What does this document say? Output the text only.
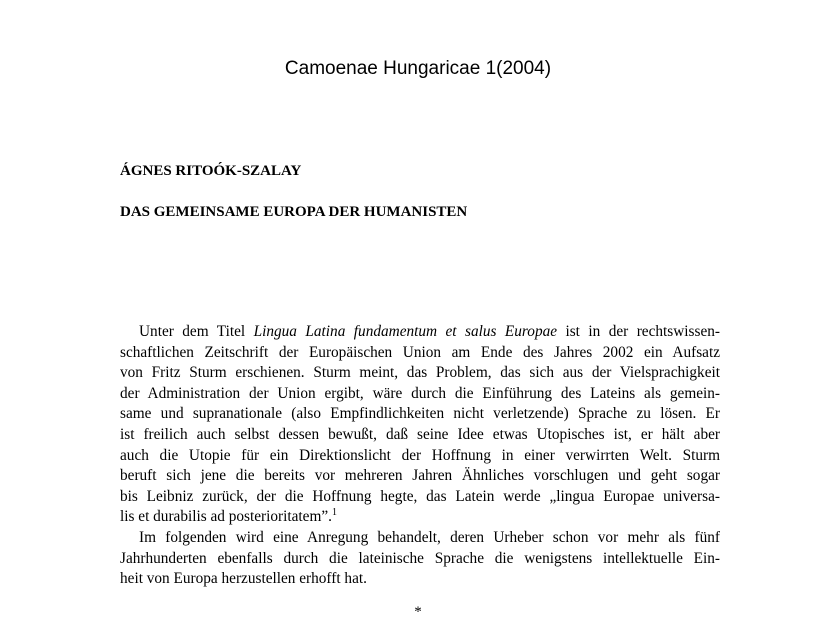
Camoenae Hungaricae 1(2004)
ÁGNES RITOÓK-SZALAY
DAS GEMEINSAME EUROPA DER HUMANISTEN
Unter dem Titel Lingua Latina fundamentum et salus Europae ist in der rechtswissen-
schaftlichen Zeitschrift der Europäischen Union am Ende des Jahres 2002 ein Aufsatz
von Fritz Sturm erschienen. Sturm meint, das Problem, das sich aus der Vielsprachigkeit
der Administration der Union ergibt, wäre durch die Einführung des Lateins als gemein-
same und supranationale (also Empfindlichkeiten nicht verletzende) Sprache zu lösen. Er
ist freilich auch selbst dessen bewußt, daß seine Idee etwas Utopisches ist, er hält aber
auch die Utopie für ein Direktionslicht der Hoffnung in einer verwirrten Welt. Sturm
beruft sich jene die bereits vor mehreren Jahren Ähnliches vorschlugen und geht sogar
bis Leibniz zurück, der die Hoffnung hegte, das Latein werde „lingua Europae universa-
lis et durabilis ad posterioritatem”.$^1$
Im folgenden wird eine Anregung behandelt, deren Urheber schon vor mehr als fünf
Jahrhunderten ebenfalls durch die lateinische Sprache die wenigstens intellektuelle Ein-
heit von Europa herzustellen erhofft hat.
*
